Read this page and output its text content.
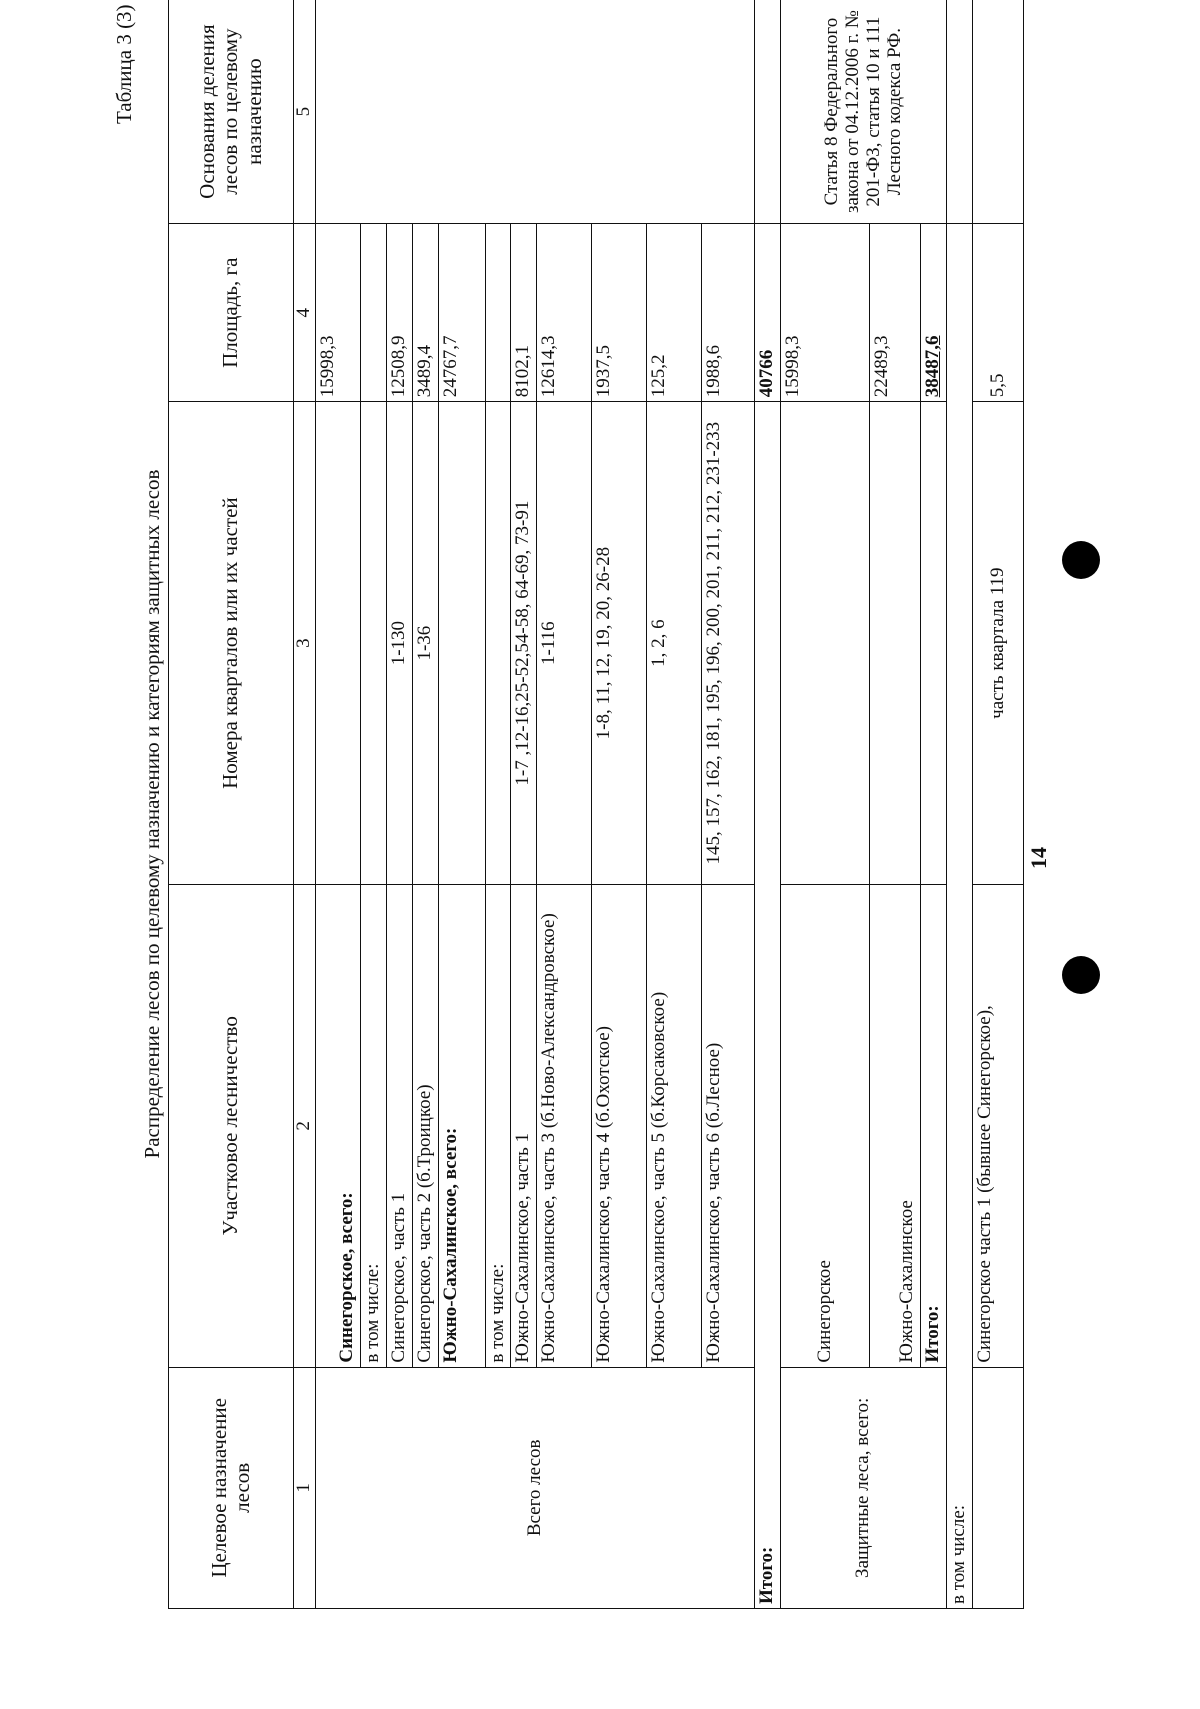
Таблица 3 (3)
Распределение лесов по целевому назначению и категориям защитных лесов
Целевое назначение лесов	Участковое лесничество	Номера кварталов или их частей	Площадь, га	Основания деления лесов по целевому назначению
1	2	3	4	5
Всего лесов	Синегорское, всего:		15998,3	
	в том числе:			
	Синегорское, часть 1	1-130	12508,9	
	Синегорское, часть 2 (б.Троицкое)	1-36	3489,4	
	Южно-Сахалинское, всего:		24767,7	
	в том числе:			
	Южно-Сахалинское, часть 1	1-7 ,12-16,25-52,54-58, 64-69, 73-91	8102,1	
	Южно-Сахалинское, часть 3 (б.Ново-Александровское)	1-116	12614,3	
	Южно-Сахалинское, часть 4 (б.Охотское)	1-8, 11, 12, 19, 20, 26-28	1937,5	
	Южно-Сахалинское, часть 5 (б.Корсаковское)	1, 2, 6	125,2	
	Южно-Сахалинское, часть 6 (б.Лесное)	145, 157, 162, 181, 195, 196, 200, 201, 211, 212, 231-233	1988,6	
Итого:			40766	
Защитные леса, всего:	Синегорское		15998,3	Статья 8 Федерального закона от 04.12.2006 г. № 201-ФЗ, статья 10 и 111 Лесного кодекса РФ.
	Южно-Сахалинское		22489,3	
	Итого:		38487,6	
в том числе:				
	Синегорское часть 1 (бывшее Синегорское),	часть квартала 119	5,5	
14
